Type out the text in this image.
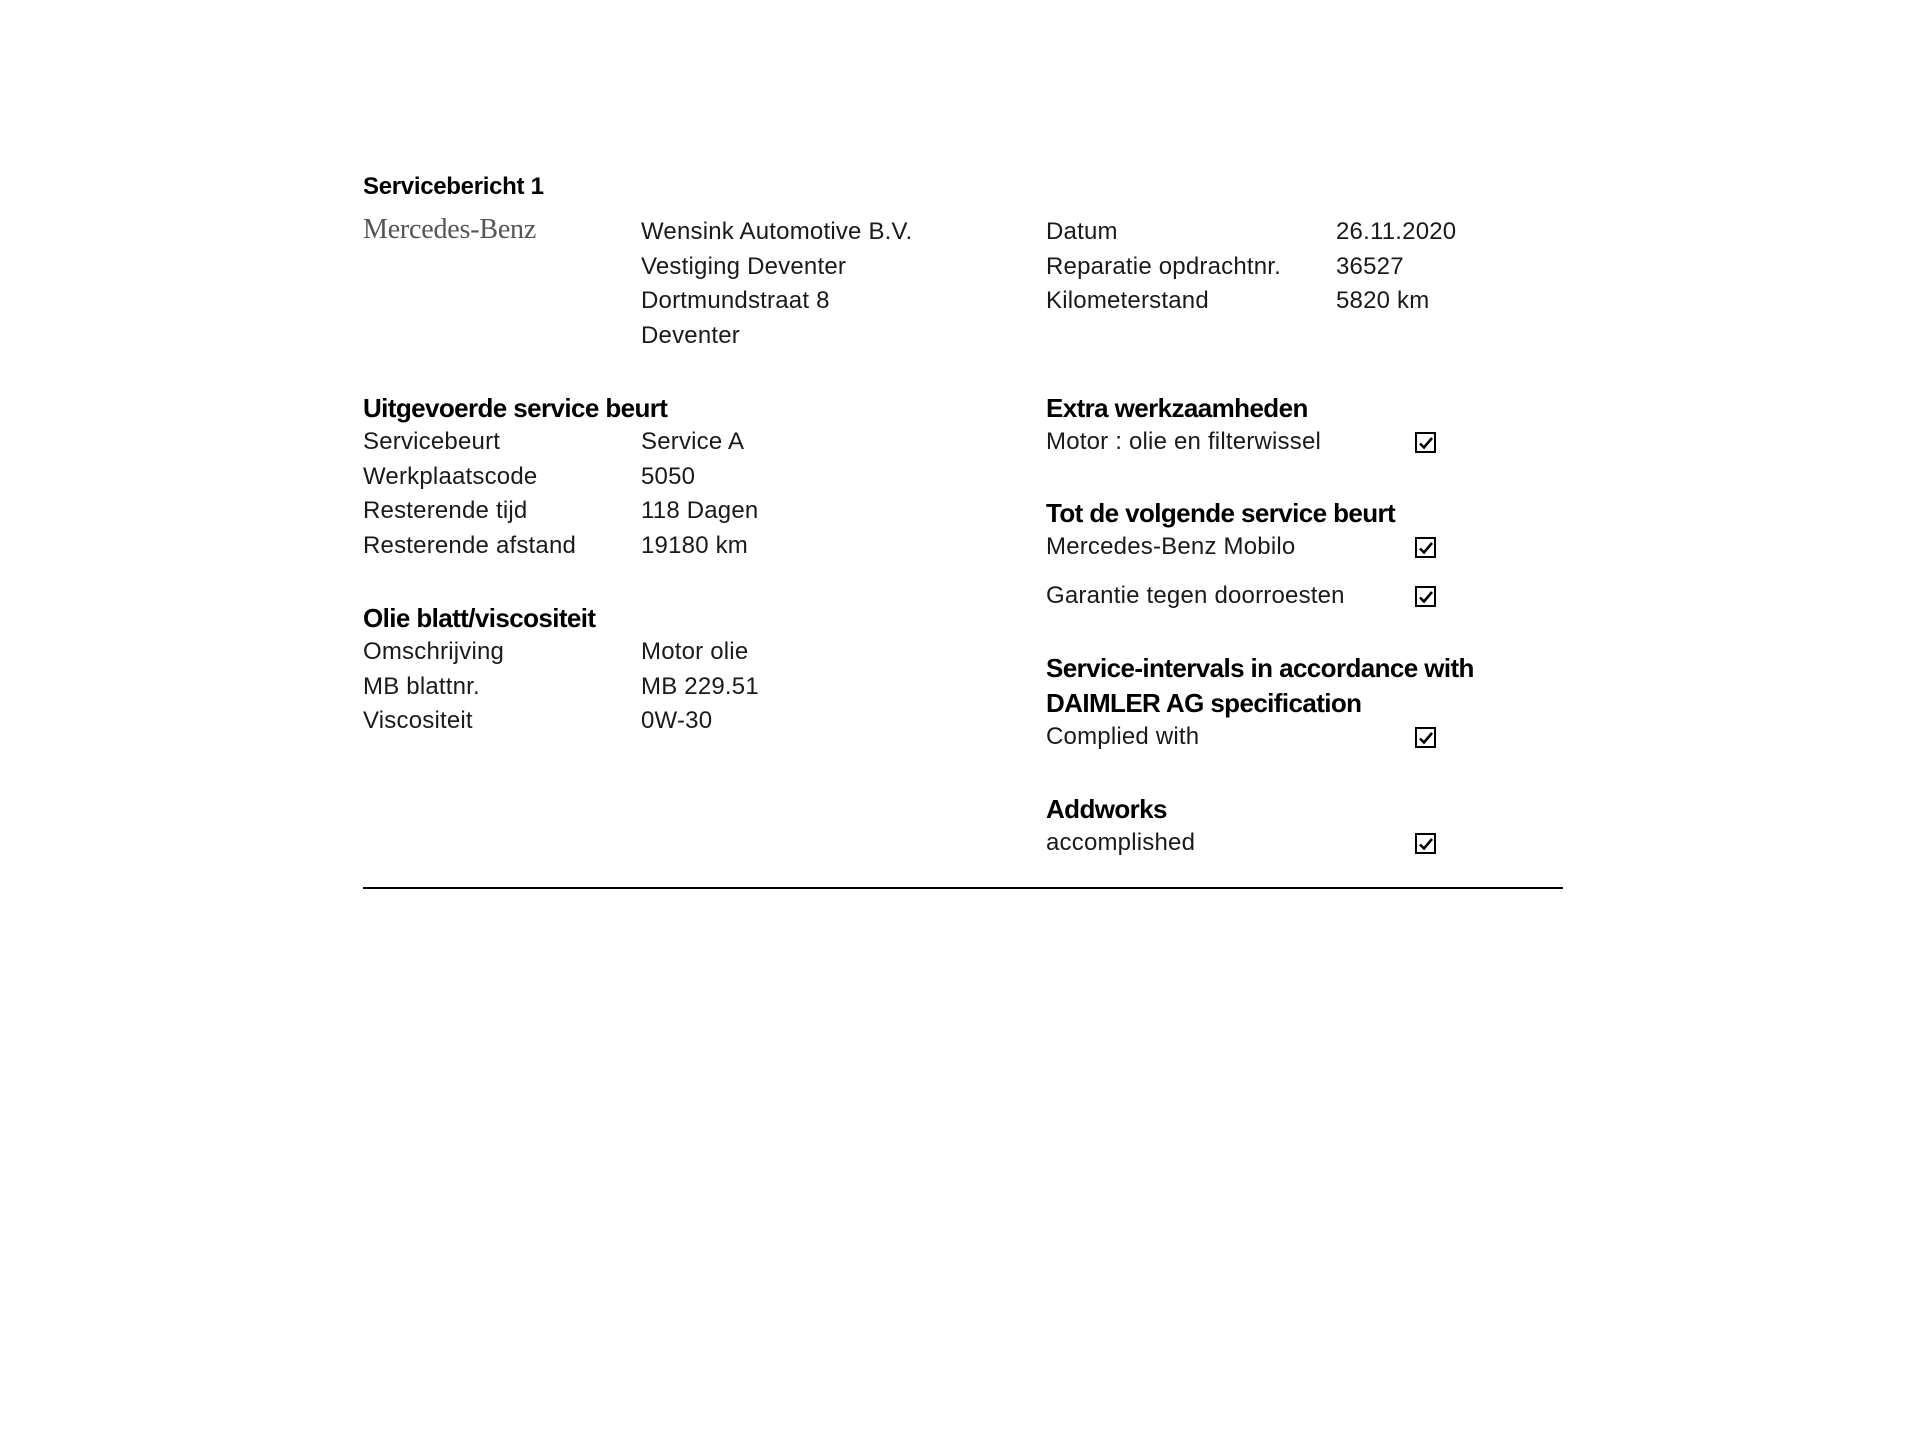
Servicebericht 1
Mercedes-Benz	Wensink Automotive B.V.
Vestiging Deventer
Dortmundstraat 8
Deventer
Datum	26.11.2020
Reparatie opdrachtnr. 36527
Kilometerstand	5820 km
Uitgevoerde service beurt
Servicebeurt	Service A
Werkplaatscode	5050
Resterende tijd	118 Dagen
Resterende afstand	19180 km
Olie blatt/viscositeit
Omschrijving	Motor olie
MB blattnr.	MB 229.51
Viscositeit	0W-30
Extra werkzaamheden
Motor : olie en filterwissel
Tot de volgende service beurt
Mercedes-Benz Mobilo
Garantie tegen doorroesten
Service-intervals in accordance with
DAIMLER AG specification
Complied with
Addworks
accomplished
